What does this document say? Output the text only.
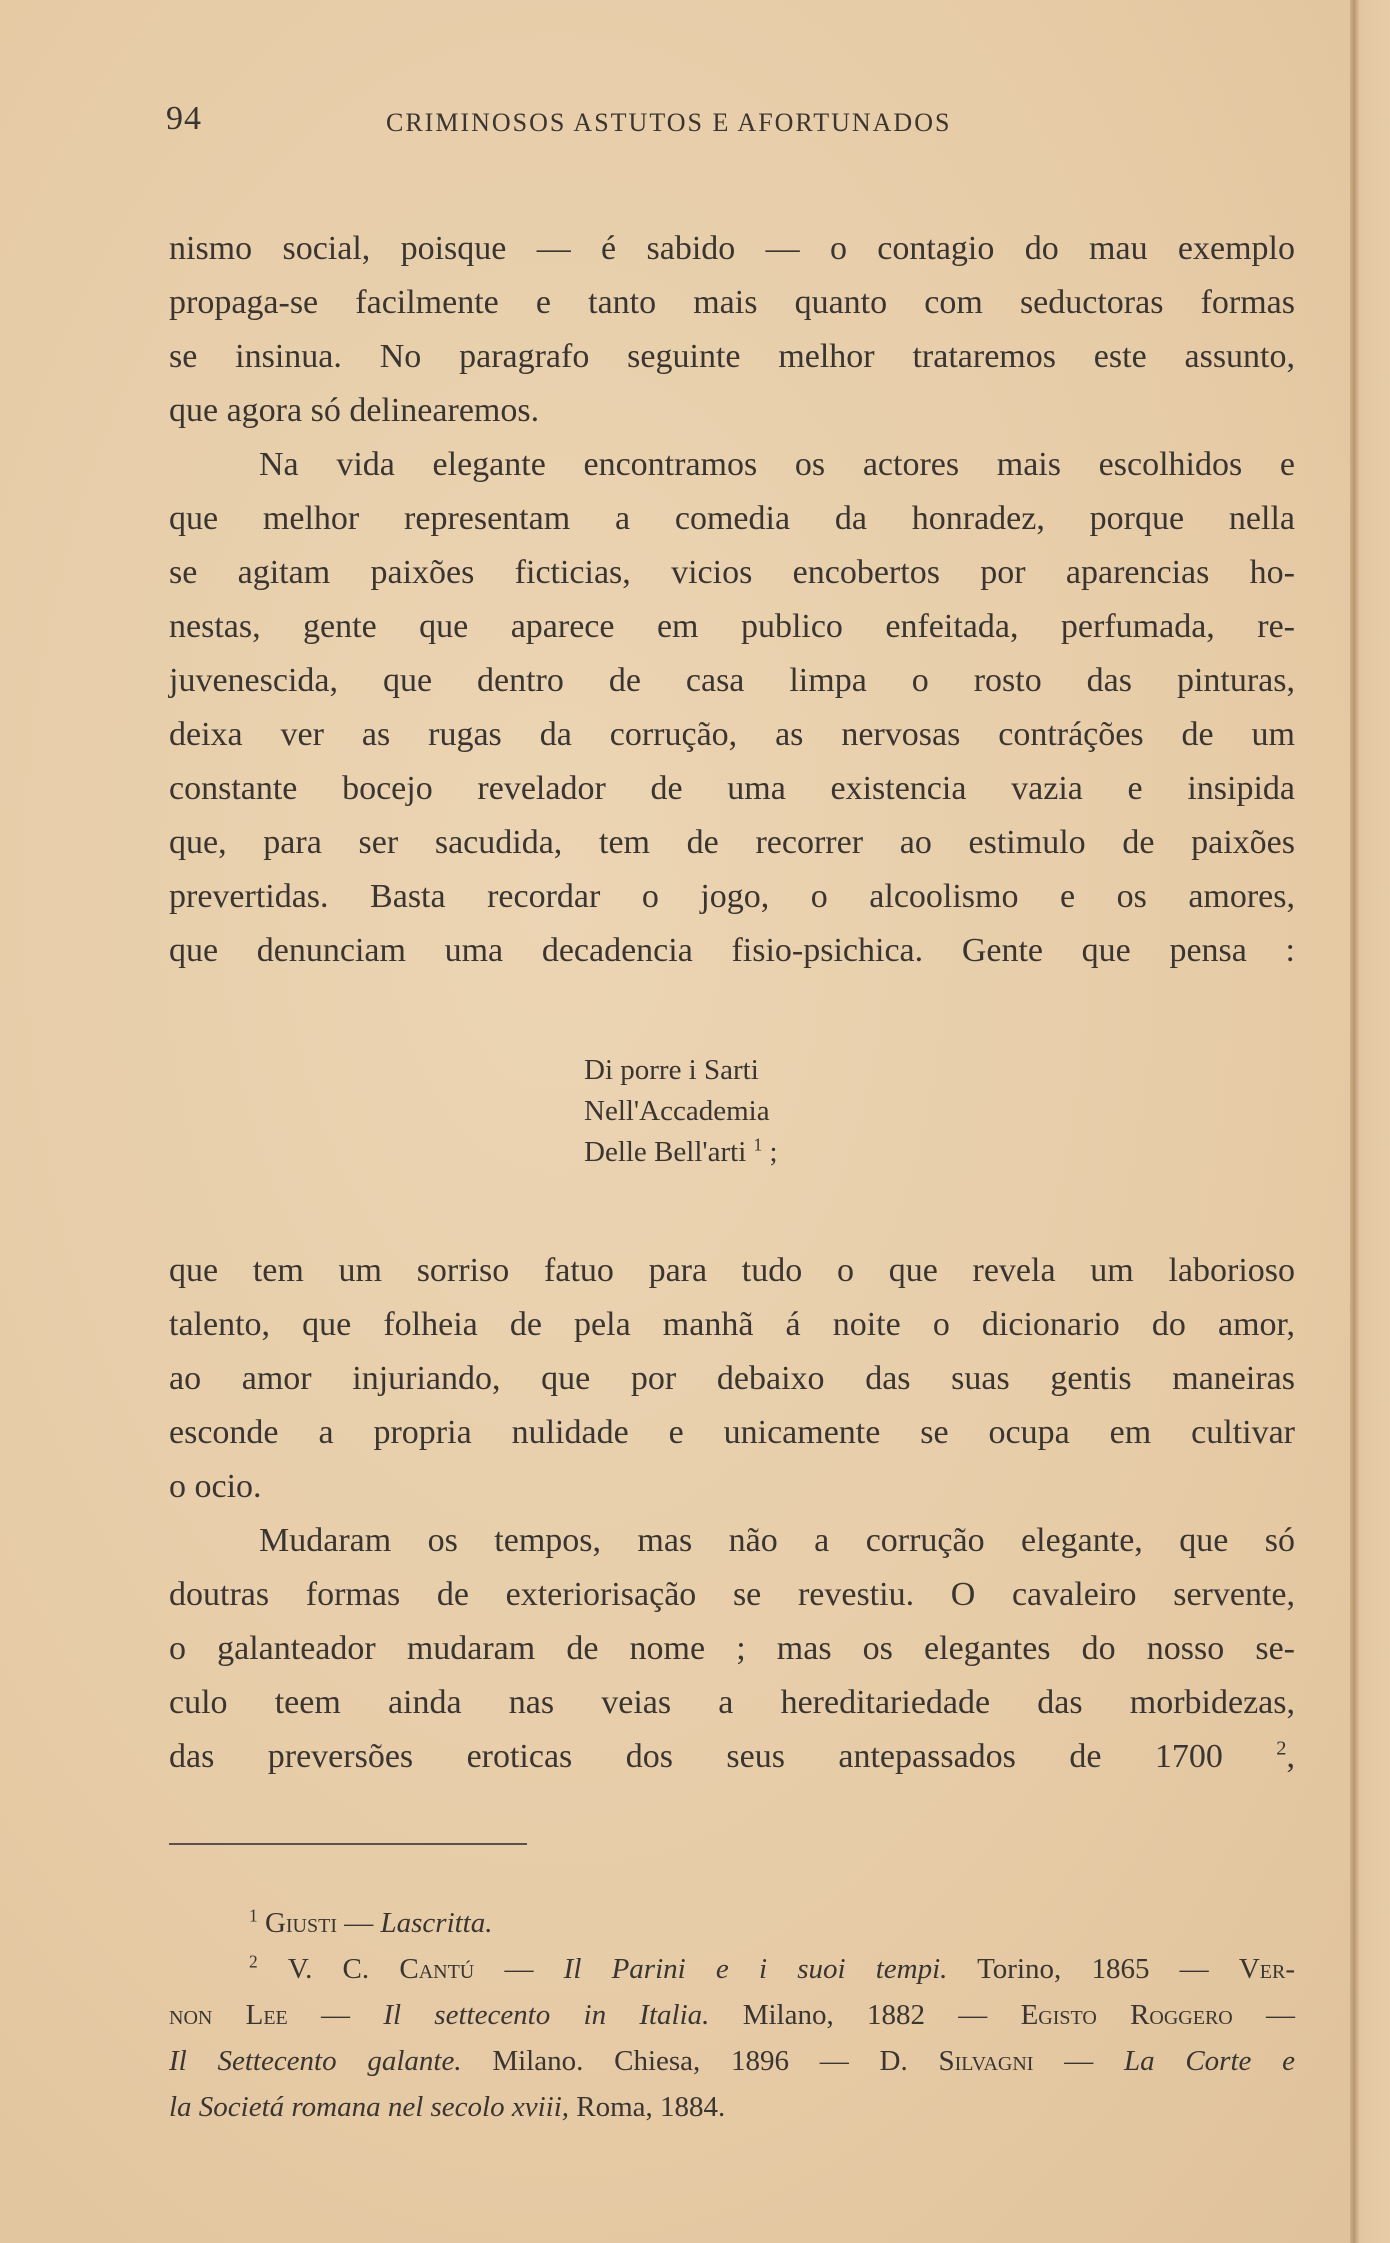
94	CRIMINOSOS ASTUTOS E AFORTUNADOS
nismo social, poisque — é sabido — o contagio do mau exemplo
propaga-se facilmente e tanto mais quanto com seductoras formas
se insinua. No paragrafo seguinte melhor trataremos este assunto,
que agora só delinearemos.
Na vida elegante encontramos os actores mais escolhidos e
que melhor representam a comedia da honradez, porque nella
se agitam paixões ficticias, vicios encobertos por aparencias ho-
nestas, gente que aparece em publico enfeitada, perfumada, re-
juvenescida, que dentro de casa limpa o rosto das pinturas,
deixa ver as rugas da corrução, as nervosas contráções de um
constante bocejo revelador de uma existencia vazia e insipida
que, para ser sacudida, tem de recorrer ao estimulo de paixões
prevertidas. Basta recordar o jogo, o alcoolismo e os amores,
que denunciam uma decadencia fisio-psichica. Gente que pensa :
Di porre i Sarti
Nell'Accademia
Delle Bell'arti $^1$ ;
que tem um sorriso fatuo para tudo o que revela um laborioso
talento, que folheia de pela manhã á noite o dicionario do amor,
ao amor injuriando, que por debaixo das suas gentis maneiras
esconde a propria nulidade e unicamente se ocupa em cultivar
o ocio.
Mudaram os tempos, mas não a corrução elegante, que só
doutras formas de exteriorisação se revestiu. O cavaleiro servente,
o galanteador mudaram de nome ; mas os elegantes do nosso se-
culo teem ainda nas veias a hereditariedade das morbidezas,
das preversões eroticas dos seus antepassados de 1700	$^2$,
$^1$ Giusti — Lascritta.
$^2$ V. C. Cantú — Il Parini e i suoi tempi. Torino, 1865 — Ver-
non Lee — Il settecento in Italia. Milano, 1882 — Egisto Roggero —
Il Settecento galante. Milano. Chiesa, 1896 — D. Silvagni — La Corte e
la Societá romana nel secolo xviii, Roma, 1884.
